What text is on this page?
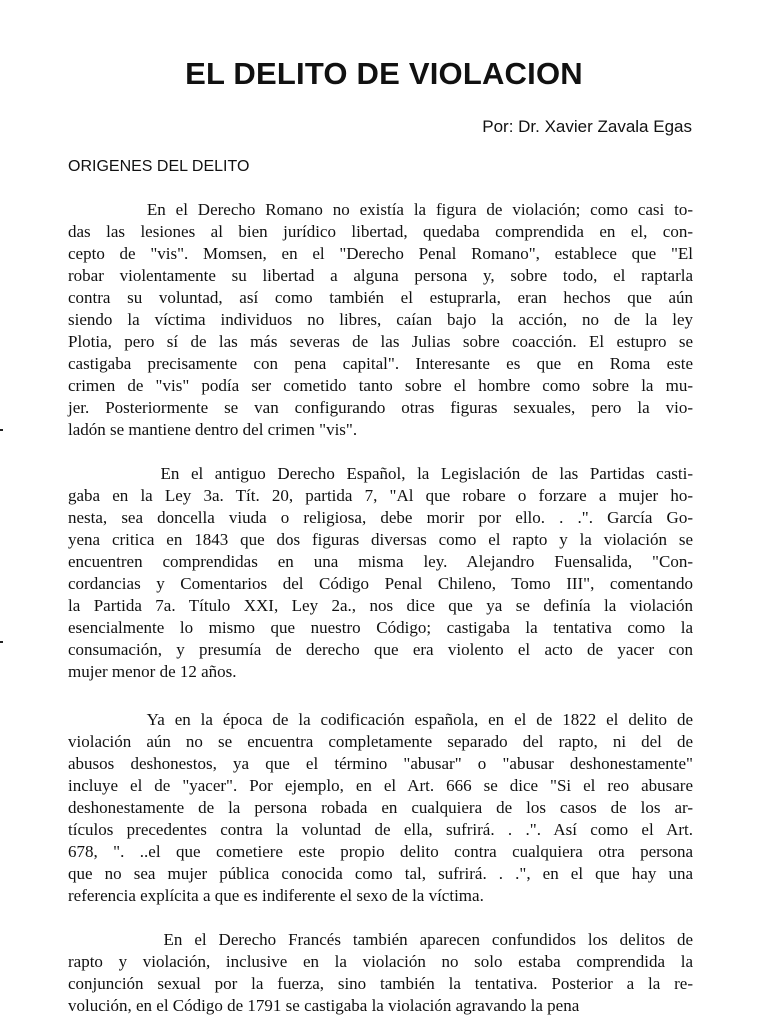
EL DELITO DE VIOLACION
Por: Dr. Xavier Zavala Egas
ORIGENES DEL DELITO
En el Derecho Romano no existía la figura de violación; como casi to-
das las lesiones al bien jurídico libertad, quedaba comprendida en el, con-
cepto de "vis". Momsen, en el "Derecho Penal Romano", establece que "El
robar violentamente su libertad a alguna persona y, sobre todo, el raptarla
contra su voluntad, así como también el estuprarla, eran hechos que aún
siendo la víctima individuos no libres, caían bajo la acción, no de la ley
Plotia, pero sí de las más severas de las Julias sobre coacción. El estupro se
castigaba precisamente con pena capital". Interesante es que en Roma este
crimen de "vis" podía ser cometido tanto sobre el hombre como sobre la mu-
jer. Posteriormente se van configurando otras figuras sexuales, pero la vio-
ladón se mantiene dentro del crimen "vis".
En el antiguo Derecho Español, la Legislación de las Partidas casti-
gaba en la Ley 3a. Tít. 20, partida 7, "Al que robare o forzare a mujer ho-
nesta, sea doncella viuda o religiosa, debe morir por ello. . .". García Go-
yena critica en 1843 que dos figuras diversas como el rapto y la violación se
encuentren comprendidas en una misma ley. Alejandro Fuensalida, "Con-
cordancias y Comentarios del Código Penal Chileno, Tomo III", comentando
la Partida 7a. Título XXI, Ley 2a., nos dice que ya se definía la violación
esencialmente lo mismo que nuestro Código; castigaba la tentativa como la
consumación, y presumía de derecho que era violento el acto de yacer con
mujer menor de 12 años.
Ya en la época de la codificación española, en el de 1822 el delito de
violación aún no se encuentra completamente separado del rapto, ni del de
abusos deshonestos, ya que el término "abusar" o "abusar deshonestamente"
incluye el de "yacer". Por ejemplo, en el Art. 666 se dice "Si el reo abusare
deshonestamente de la persona robada en cualquiera de los casos de los ar-
tículos precedentes contra la voluntad de ella, sufrirá. . .". Así como el Art.
678, ". ..el que cometiere este propio delito contra cualquiera otra persona
que no sea mujer pública conocida como tal, sufrirá. . .", en el que hay una
referencia explícita a que es indiferente el sexo de la víctima.
En el Derecho Francés también aparecen confundidos los delitos de
rapto y violación, inclusive en la violación no solo estaba comprendida la
conjunción sexual por la fuerza, sino también la tentativa. Posterior a la re-
volución, en el Código de 1791 se castigaba la violación agravando la pena
